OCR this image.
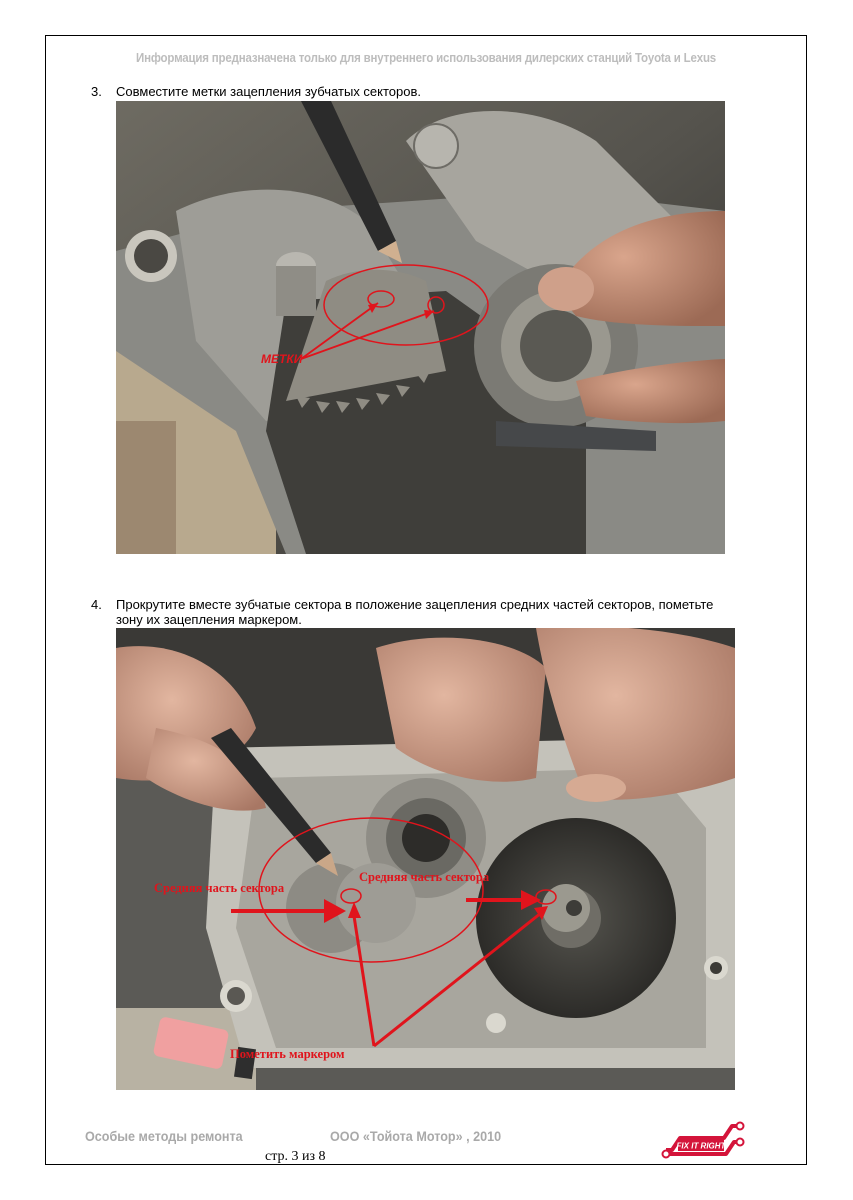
Информация предназначена только для внутреннего использования дилерских станций Toyota и Lexus
3. Совместите метки зацепления зубчатых секторов.
МЕТКИ
4. Прокрутите вместе зубчатые сектора в положение зацепления средних частей секторов, пометьте
зону их зацепления маркером.
Средняя часть сектора
Средняя часть сектора
Пометить маркером
Особые методы ремонта	ООО «Тойота Мотор» , 2010
стр. 3 из 8
FIX IT RIGHT
